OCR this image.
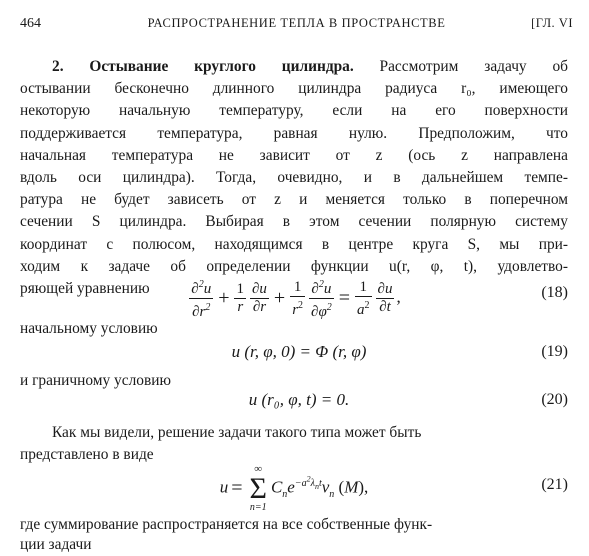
464	РАСПРОСТРАНЕНИЕ ТЕПЛА В ПРОСТРАНСТВЕ	[ГЛ. VI
2. Остывание круглого цилиндра. Рассмотрим задачу об
остывании бесконечно длинного цилиндра радиуса r₀, имеющего
некоторую начальную температуру, если на его поверхности
поддерживается температура, равная нулю. Предположим, что
начальная температура не зависит от z (ось z направлена
вдоль оси цилиндра). Тогда, очевидно, и в дальнейшем темпе-
ратура не будет зависеть от z и меняется только в поперечном
сечении S цилиндра. Выбирая в этом сечении полярную систему
координат с полюсом, находящимся в центре круга S, мы при-
ходим к задаче об определении функции u(r, φ, t), удовлетво-
ряющей уравнению	$\frac{\partial^2u}{\partial r^2} + \frac{1}{r} \frac{\partial u}{\partial r} + \frac{1}{r^2} \frac{\partial^2u}{\partial\varphi^2} = \frac{1}{a^2} \frac{\partial u}{\partial t}$ ,	(18)
начальному условию
u (r, φ, 0) = Φ (r, φ)	(19)
и граничному условию
u (r₀, φ, t) = 0.	(20)
Как мы видели, решение задачи такого типа может быть
представлено в виде
u =
∞
Σ
n=1
$C_ne^{-a^2\lambda_nt}v_n$ (M),	(21)
где суммирование распространяется на все собственные функ-
ции задачи
